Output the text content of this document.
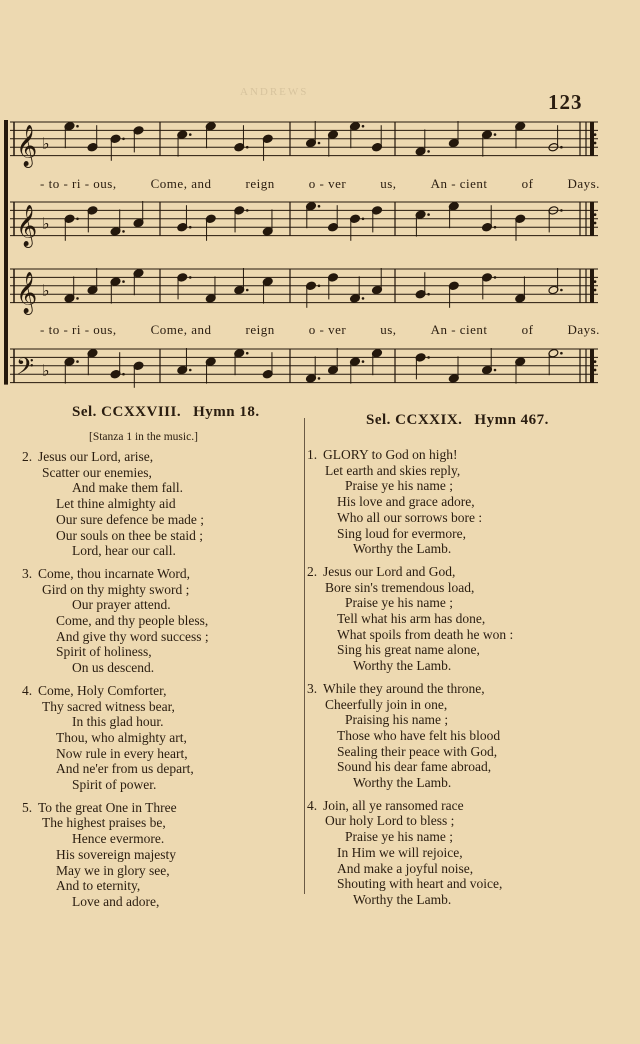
ANDREWS	123
𝄞 ♭
𝄞 ♭
𝄞 ♭
𝄢 ♭
- to - ri - ous,	Come, and	reign	o - ver	us,	An - cient	of	Days.
- to - ri - ous,	Come, and	reign	o - ver	us,	An - cient	of	Days.
Sel. CCXXVIII. Hymn 18.
[Stanza 1 in the music.]
Sel. CCXXIX. Hymn 467.
2. Jesus our Lord, arise,
Scatter our enemies,
And make them fall.
Let thine almighty aid
Our sure defence be made ;
Our souls on thee be staid ;
Lord, hear our call.
3. Come, thou incarnate Word,
Gird on thy mighty sword ;
Our prayer attend.
Come, and thy people bless,
And give thy word success ;
Spirit of holiness,
On us descend.
4. Come, Holy Comforter,
Thy sacred witness bear,
In this glad hour.
Thou, who almighty art,
Now rule in every heart,
And ne'er from us depart,
Spirit of power.
5. To the great One in Three
The highest praises be,
Hence evermore.
His sovereign majesty
May we in glory see,
And to eternity,
Love and adore,
1. GLORY to God on high!
Let earth and skies reply,
Praise ye his name ;
His love and grace adore,
Who all our sorrows bore :
Sing loud for evermore,
Worthy the Lamb.
2. Jesus our Lord and God,
Bore sin's tremendous load,
Praise ye his name ;
Tell what his arm has done,
What spoils from death he won :
Sing his great name alone,
Worthy the Lamb.
3. While they around the throne,
Cheerfully join in one,
Praising his name ;
Those who have felt his blood
Sealing their peace with God,
Sound his dear fame abroad,
Worthy the Lamb.
4. Join, all ye ransomed race
Our holy Lord to bless ;
Praise ye his name ;
In Him we will rejoice,
And make a joyful noise,
Shouting with heart and voice,
Worthy the Lamb.
